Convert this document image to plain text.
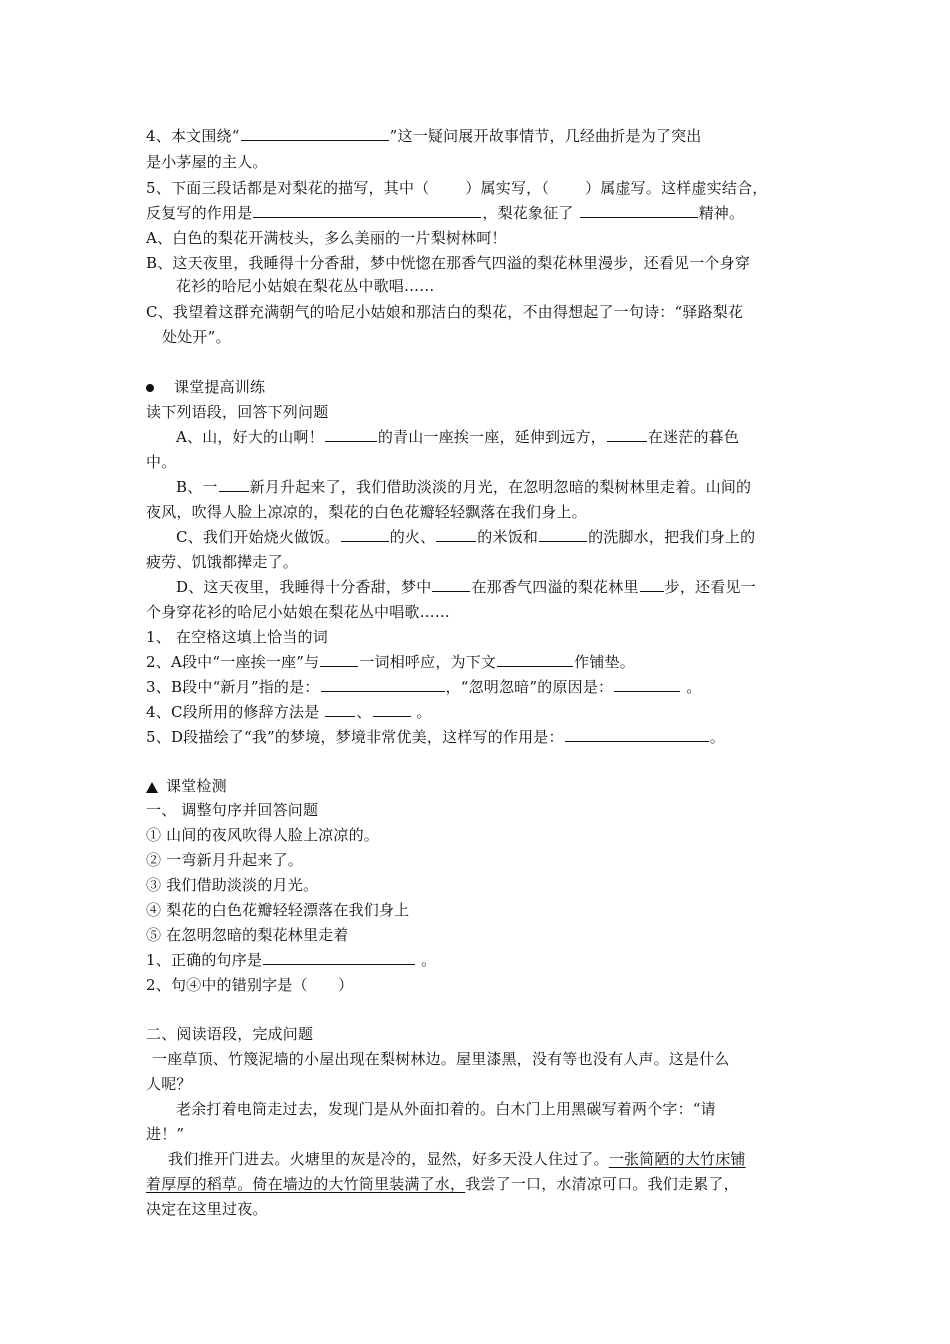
4、本文围绕“	”这一疑问展开故事情节，几经曲折是为了突出
是小茅屋的主人。
5、下面三段话都是对梨花的描写，其中（ ）属实写，（ ）属虚写。这样虚实结合，
反复写的作用是	，梨花象征了	精神。
A、白色的梨花开满枝头，多么美丽的一片梨树林呵！
B、这天夜里，我睡得十分香甜，梦中恍惚在那香气四溢的梨花林里漫步，还看见一个身穿
花衫的哈尼小姑娘在梨花丛中歌唱……
C、我望着这群充满朝气的哈尼小姑娘和那洁白的梨花，不由得想起了一句诗：“驿路梨花
处处开”。
课堂提高训练
读下列语段，回答下列问题
A、山，好大的山啊！	的青山一座挨一座，延伸到远方，	在迷茫的暮色
中。
B、一 新月升起来了，我们借助淡淡的月光，在忽明忽暗的梨树林里走着。山间的
夜风，吹得人脸上凉凉的，梨花的白色花瓣轻轻飘落在我们身上。
C、我们开始烧火做饭。	的火、	的米饭和	的洗脚水，把我们身上的
疲劳、饥饿都撵走了。
D、这天夜里，我睡得十分香甜，梦中	在那香气四溢的梨花林里 步，还看见一
个身穿花衫的哈尼小姑娘在梨花丛中唱歌……
1、 在空格这填上恰当的词
2、A段中“一座挨一座”与	一词相呼应，为下文	作铺垫。
3、B段中“新月”指的是：	，“忽明忽暗”的原因是：	。
4、C段所用的修辞方法是 、	。
5、D段描绘了“我”的梦境，梦境非常优美，这样写的作用是：	。
课堂检测
一、 调整句序并回答问题
① 山间的夜风吹得人脸上凉凉的。
② 一弯新月升起来了。
③ 我们借助淡淡的月光。
④ 梨花的白色花瓣轻轻漂落在我们身上
⑤ 在忽明忽暗的梨花林里走着
1、正确的句序是	。
2、句④中的错别字是（　　）
二、阅读语段，完成问题
一座草顶、竹篾泥墙的小屋出现在梨树林边。屋里漆黑，没有等也没有人声。这是什么
人呢？
老余打着电筒走过去，发现门是从外面扣着的。白木门上用黑碳写着两个字：“请
进！”
我们推开门进去。火塘里的灰是冷的，显然，好多天没人住过了。一张简陋的大竹床铺
着厚厚的稻草。倚在墙边的大竹筒里装满了水，我尝了一口，水清凉可口。我们走累了，
决定在这里过夜。
